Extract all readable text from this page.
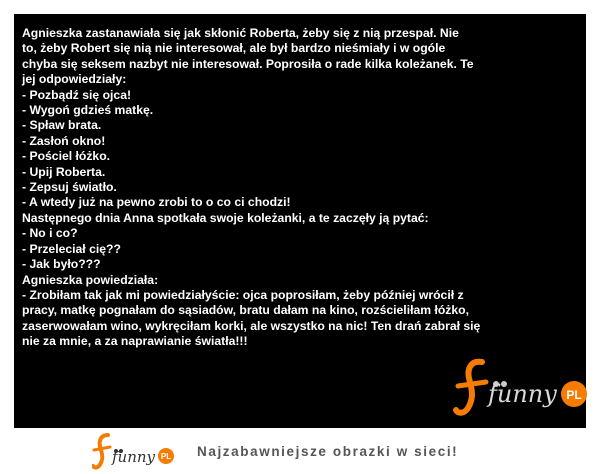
Agnieszka zastanawiała się jak skłonić Roberta, żeby się z nią przespał. Nie
to, żeby Robert się nią nie interesował, ale był bardzo nieśmiały i w ogóle
chyba się seksem nazbyt nie interesował. Poprosiła o rade kilka koleżanek. Te
jej odpowiedziały:
- Pozbądź się ojca!
- Wygoń gdzieś matkę.
- Spław brata.
- Zasłoń okno!
- Pościel łóżko.
- Upij Roberta.
- Zepsuj światło.
- A wtedy już na pewno zrobi to o co ci chodzi!
Następnego dnia Anna spotkała swoje koleżanki, a te zaczęły ją pytać:
- No i co?
- Przeleciał cię??
- Jak było???
Agnieszka powiedziała:
- Zrobiłam tak jak mi powiedziałyście: ojca poprosiłam, żeby później wrócił z
pracy, matkę pognałam do sąsiadów, bratu dałam na kino, rozścieliłam łóżko,
zaserwowałam wino, wykręciłam korki, ale wszystko na nic! Ten drań zabrał się
nie za mnie, a za naprawianie światła!!!
funny PL
funny PL Najzabawniejsze obrazki w sieci!
